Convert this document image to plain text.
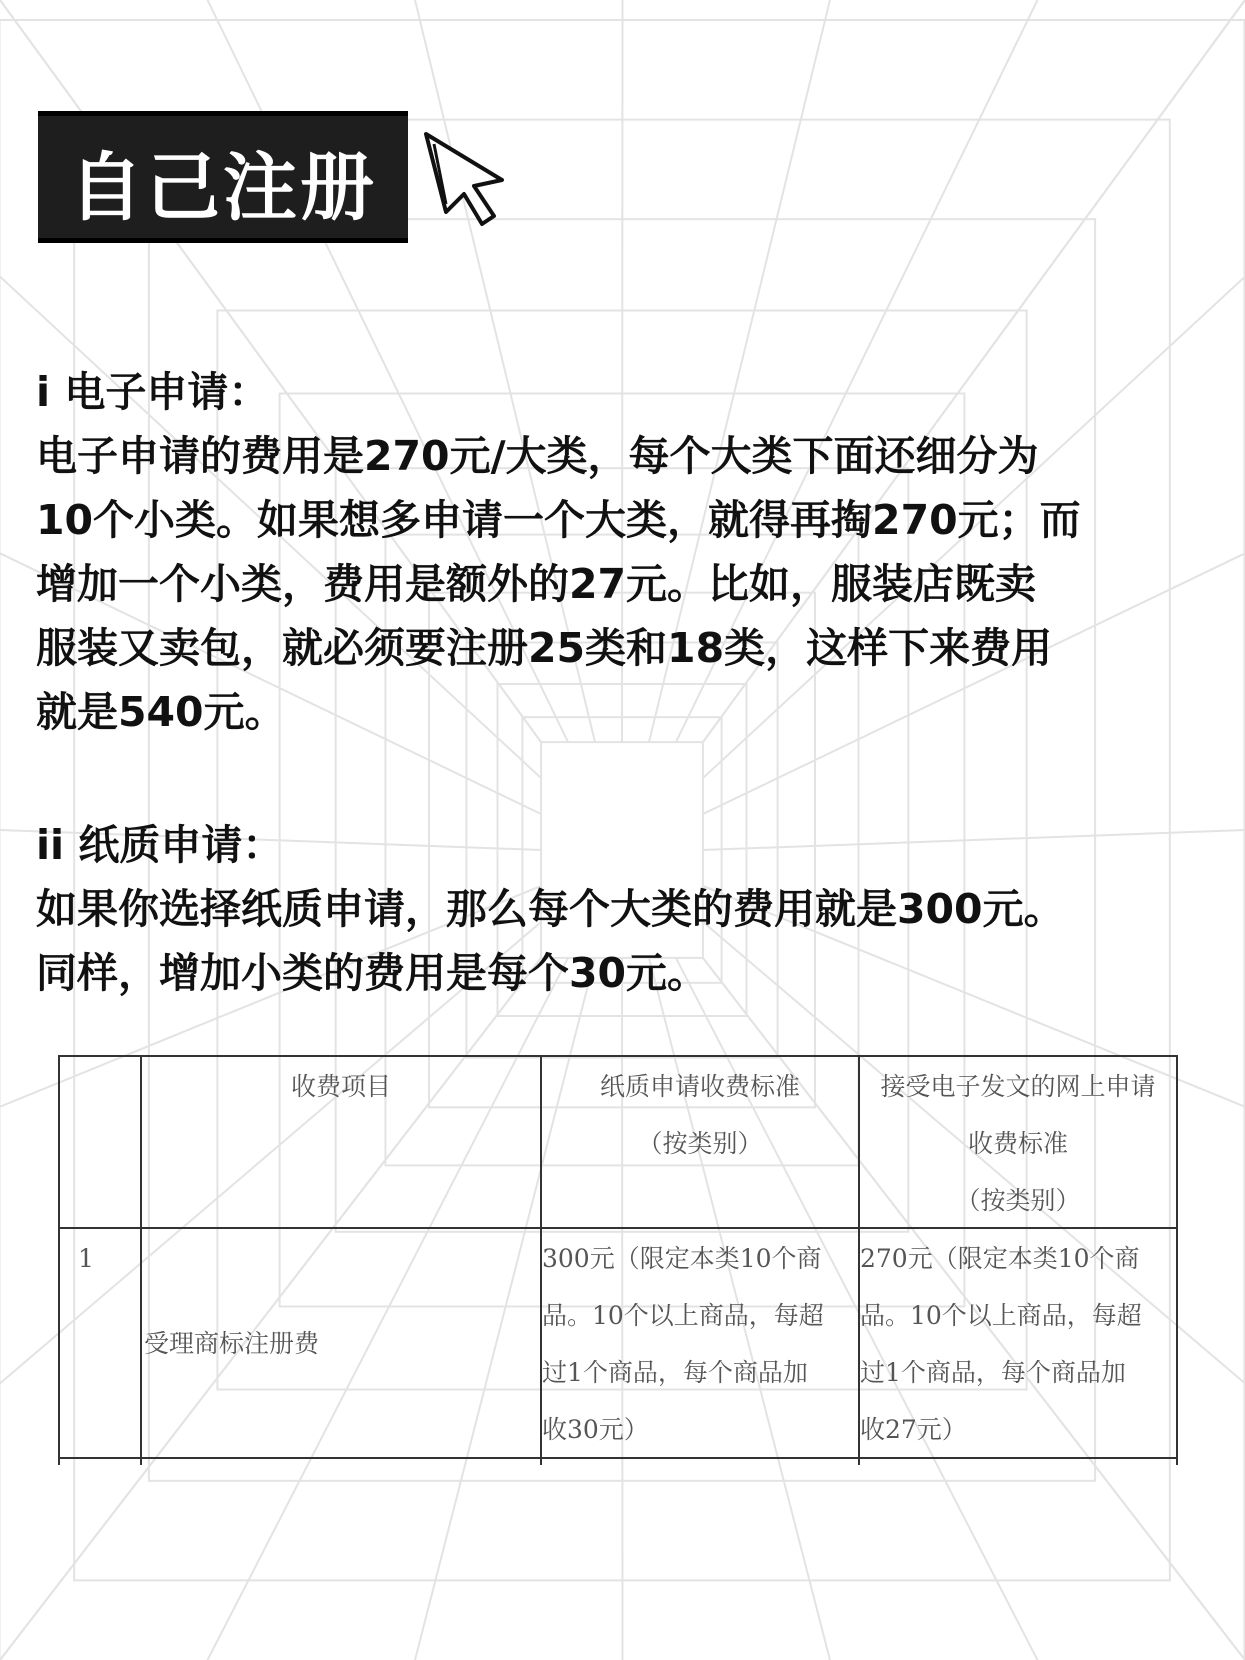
自己注册

i 电子申请：

电子申请的费用是270元/大类，每个大类下面还细分为

10个小类。如果想多申请一个大类，就得再掏270元；而

增加一个小类，费用是额外的27元。比如，服装店既卖

服装又卖包，就必须要注册25类和18类，这样下来费用

就是540元。

ii 纸质申请：

如果你选择纸质申请，那么每个大类的费用就是300元。

同样，增加小类的费用是每个30元。

收费项目	纸质申请收费标准
（按类别）
接受电子发文的网上申请
收费标准
（按类别）
1
受理商标注册费
300元（限定本类10个商
品。10个以上商品，每超
过1个商品，每个商品加
收30元）
270元（限定本类10个商
品。10个以上商品，每超
过1个商品，每个商品加
收27元）
